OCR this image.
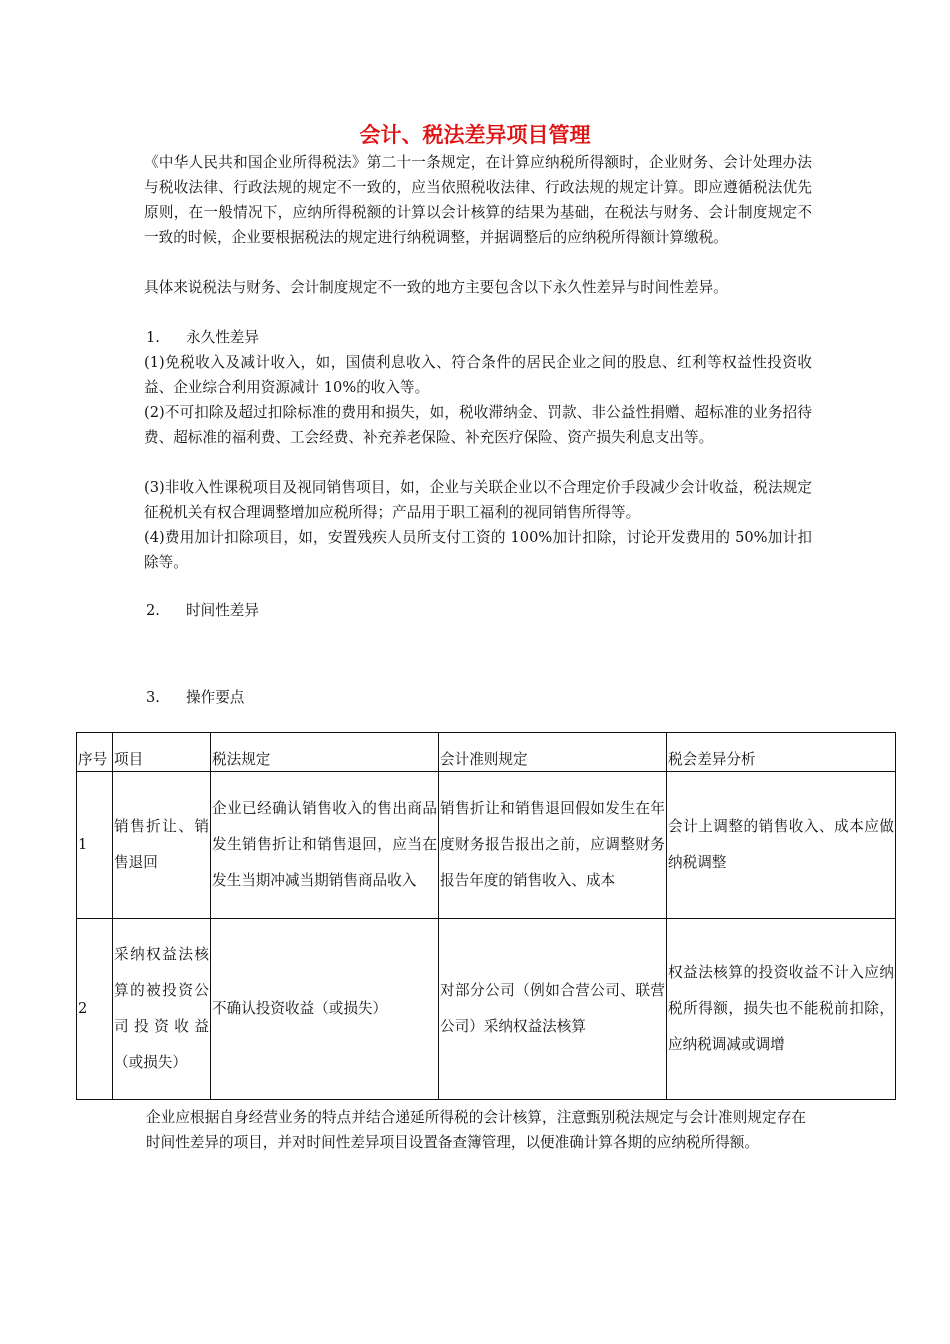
会计、税法差异项目管理

《中华人民共和国企业所得税法》第二十一条规定，在计算应纳税所得额时，企业财务、会计处理办法与税收法律、行政法规的规定不一致的，应当依照税收法律、行政法规的规定计算。即应遵循税法优先原则，在一般情况下，应纳所得税额的计算以会计核算的结果为基础，在税法与财务、会计制度规定不一致的时候，企业要根据税法的规定进行纳税调整，并据调整后的应纳税所得额计算缴税。

具体来说税法与财务、会计制度规定不一致的地方主要包含以下永久性差异与时间性差异。

1. 永久性差异

(1)免税收入及减计收入，如，国债利息收入、符合条件的居民企业之间的股息、红利等权益性投资收益、企业综合利用资源减计 10%的收入等。

(2)不可扣除及超过扣除标准的费用和损失，如，税收滞纳金、罚款、非公益性捐赠、超标准的业务招待费、超标准的福利费、工会经费、补充养老保险、补充医疗保险、资产损失利息支出等。

(3)非收入性课税项目及视同销售项目，如，企业与关联企业以不合理定价手段减少会计收益，税法规定征税机关有权合理调整增加应税所得；产品用于职工福利的视同销售所得等。

(4)费用加计扣除项目，如，安置残疾人员所支付工资的 100%加计扣除，讨论开发费用的 50%加计扣除等。

2. 时间性差异
3. 操作要点
序号	项目	税法规定	会计准则规定	税会差异分析
1	销售折让、销售退回	企业已经确认销售收入的售出商品发生销售折让和销售退回，应当在发生当期冲减当期销售商品收入	销售折让和销售退回假如发生在年度财务报告报出之前，应调整财务报告年度的销售收入、成本	会计上调整的销售收入、成本应做纳税调整
2	采纳权益法核算的被投资公司投资收益（或损失）	不确认投资收益（或损失）	对部分公司（例如合营公司、联营公司）采纳权益法核算	权益法核算的投资收益不计入应纳税所得额，损失也不能税前扣除，应纳税调减或调增

企业应根据自身经营业务的特点并结合递延所得税的会计核算，注意甄别税法规定与会计准则规定存在时间性差异的项目，并对时间性差异项目设置备查簿管理，以便准确计算各期的应纳税所得额。
